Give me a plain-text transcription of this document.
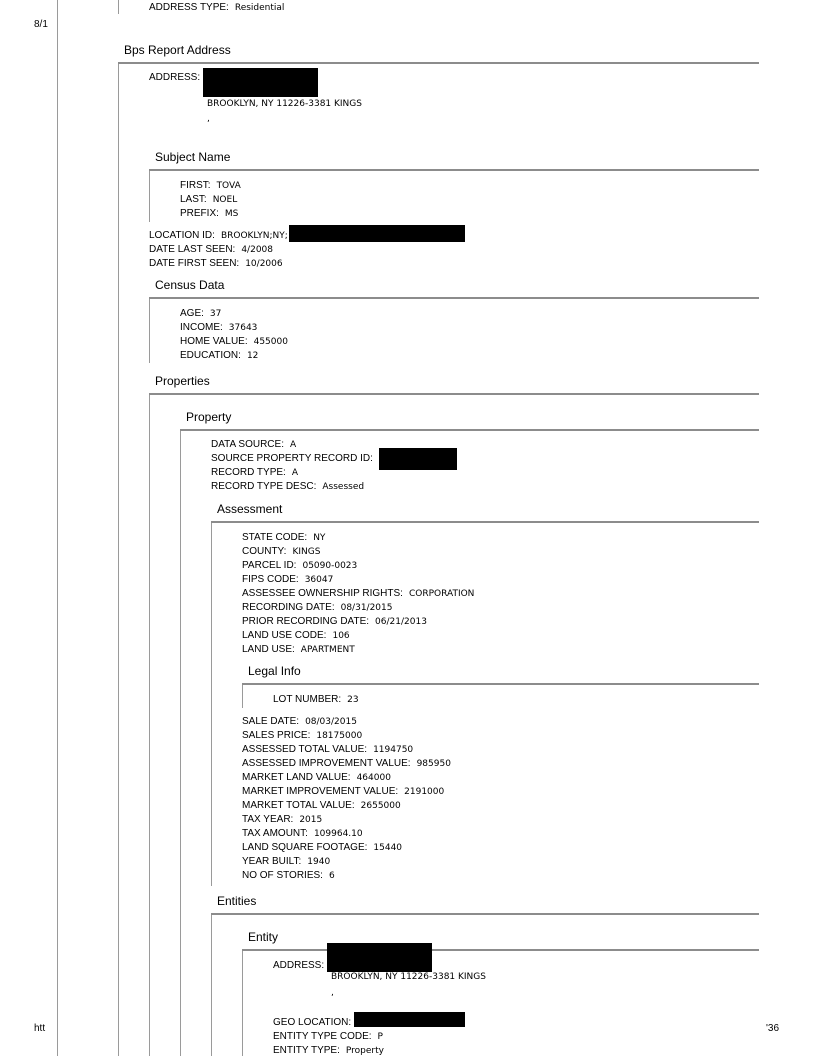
8/1
htt	'36
ADDRESS TYPE: Residential
Bps Report Address
ADDRESS:
BROOKLYN, NY 11226-3381 KINGS
,
Subject Name
FIRST: TOVA
LAST: NOEL
PREFIX: MS
LOCATION ID: BROOKLYN;NY;
DATE LAST SEEN: 4/2008
DATE FIRST SEEN: 10/2006
Census Data
AGE: 37
INCOME: 37643
HOME VALUE: 455000
EDUCATION: 12
Properties
Property
DATA SOURCE: A
SOURCE PROPERTY RECORD ID:
RECORD TYPE: A
RECORD TYPE DESC: Assessed
Assessment
STATE CODE: NY
COUNTY: KINGS
PARCEL ID: 05090-0023
FIPS CODE: 36047
ASSESSEE OWNERSHIP RIGHTS: CORPORATION
RECORDING DATE: 08/31/2015
PRIOR RECORDING DATE: 06/21/2013
LAND USE CODE: 106
LAND USE: APARTMENT
Legal Info
LOT NUMBER: 23
SALE DATE: 08/03/2015
SALES PRICE: 18175000
ASSESSED TOTAL VALUE: 1194750
ASSESSED IMPROVEMENT VALUE: 985950
MARKET LAND VALUE: 464000
MARKET IMPROVEMENT VALUE: 2191000
MARKET TOTAL VALUE: 2655000
TAX YEAR: 2015
TAX AMOUNT: 109964.10
LAND SQUARE FOOTAGE: 15440
YEAR BUILT: 1940
NO OF STORIES: 6
Entities
Entity
ADDRESS:
BROOKLYN, NY 11226-3381 KINGS
,
GEO LOCATION:
ENTITY TYPE CODE: P
ENTITY TYPE: Property
